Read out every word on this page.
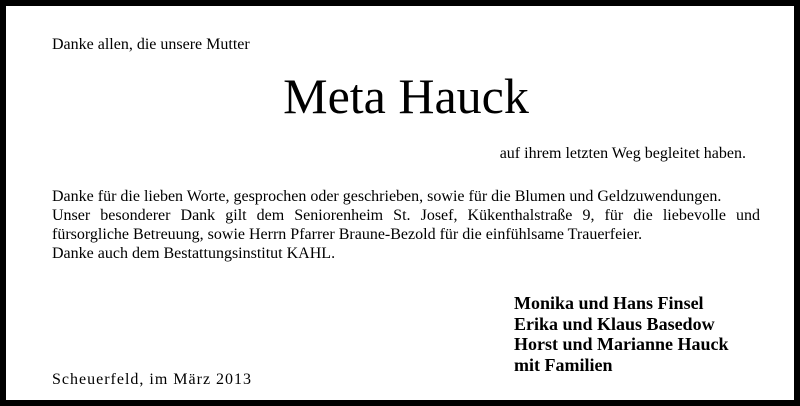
Danke allen, die unsere Mutter
Meta Hauck
auf ihrem letzten Weg begleitet haben.

Danke für die lieben Worte, gesprochen oder geschrieben, sowie für die Blumen und Geldzuwendungen.

Unser besonderer Dank gilt dem Seniorenheim St. Josef, Kükenthalstraße 9, für die liebevolle und fürsorgliche Betreuung, sowie Herrn Pfarrer Braune-Bezold für die einfühlsame Trauerfeier.

Danke auch dem Bestattungsinstitut KAHL.

Monika und Hans Finsel
Erika und Klaus Basedow
Horst und Marianne Hauck
mit Familien
Scheuerfeld, im März 2013
